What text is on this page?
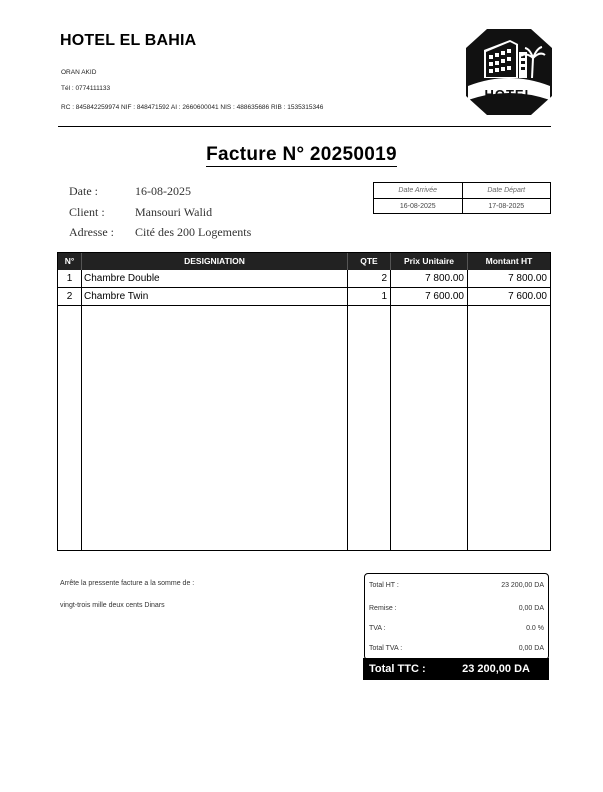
HOTEL EL BAHIA
ORAN AKID
Tél : 0774111133
RC : 845842259974 NIF : 848471592 AI : 2660600041 NIS : 488635686 RIB : 1535315346
HOTEL
Facture N° 20250019
Date :	16-08-2025
Client :	Mansouri Walid
Adresse : Cité des 200 Logements
Date Arrivée	Date Départ
16-08-2025	17-08-2025
N°	DESIGNIATION	QTE	Prix Unitaire	Montant HT
1	Chambre Double	2	7 800.00	7 800.00
2	Chambre Twin	1	7 600.00	7 600.00
Arrête la pressente facture a la somme de :
vingt-trois mille deux cents Dinars
Total HT :	23 200,00 DA
Remise :	0,00 DA
TVA :	0.0 %
Total TVA :	0,00 DA
Total TTC :	23 200,00 DA
